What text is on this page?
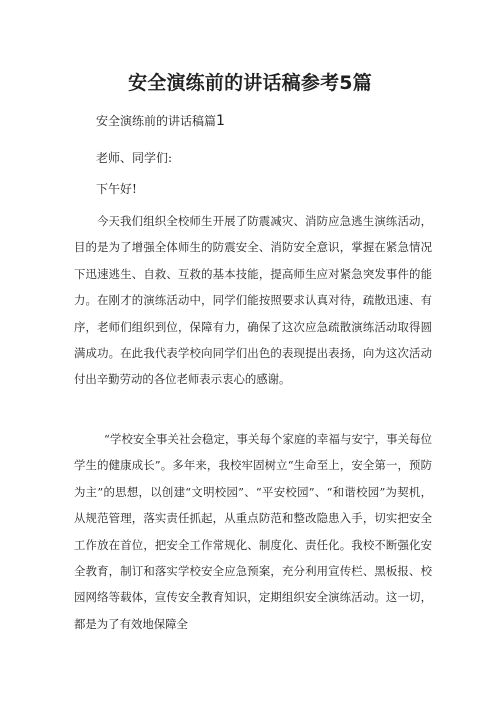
安全演练前的讲话稿参考5篇

安全演练前的讲话稿篇1

老师、同学们:

下午好!

今天我们组织全校师生开展了防震减灾、消防应急逃生演练活动，目的是为了增强全体师生的防震安全、消防安全意识，掌握在紧急情况下迅速逃生、自救、互救的基本技能，提高师生应对紧急突发事件的能力。在刚才的演练活动中，同学们能按照要求认真对待，疏散迅速、有序，老师们组织到位，保障有力，确保了这次应急疏散演练活动取得圆满成功。在此我代表学校向同学们出色的表现提出表扬，向为这次活动付出辛勤劳动的各位老师表示衷心的感谢。

“学校安全事关社会稳定，事关每个家庭的幸福与安宁，事关每位学生的健康成长”。多年来，我校牢固树立“生命至上，安全第一，预防为主”的思想，以创建“文明校园”、“平安校园”、“和谐校园”为契机，从规范管理，落实责任抓起，从重点防范和整改隐患入手，切实把安全工作放在首位，把安全工作常规化、制度化、责任化。我校不断强化安全教育，制订和落实学校安全应急预案，充分利用宣传栏、黑板报、校园网络等载体，宣传安全教育知识，定期组织安全演练活动。这一切，都是为了有效地保障全
